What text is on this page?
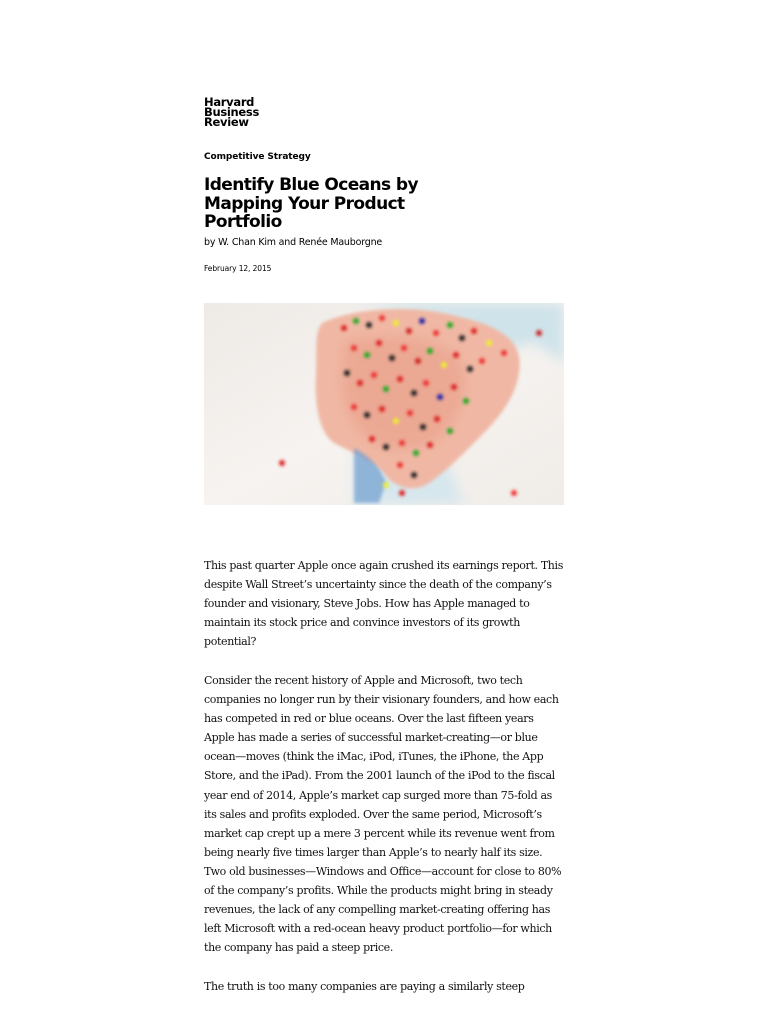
Harvard
Business
Review
Competitive Strategy
Identify Blue Oceans by Mapping Your Product Portfolio
by W. Chan Kim and Renée Mauborgne
February 12, 2015

This past quarter Apple once again crushed its earnings report. This despite Wall Street’s uncertainty since the death of the company’s founder and visionary, Steve Jobs. How has Apple managed to maintain its stock price and convince investors of its growth potential?

Consider the recent history of Apple and Microsoft, two tech companies no longer run by their visionary founders, and how each has competed in red or blue oceans. Over the last fifteen years Apple has made a series of successful market-creating—or blue ocean—moves (think the iMac, iPod, iTunes, the iPhone, the App Store, and the iPad). From the 2001 launch of the iPod to the fiscal year end of 2014, Apple’s market cap surged more than 75-fold as its sales and profits exploded. Over the same period, Microsoft’s market cap crept up a mere 3 percent while its revenue went from being nearly five times larger than Apple’s to nearly half its size. Two old businesses—Windows and Office—account for close to 80% of the company’s profits. While the products might bring in steady revenues, the lack of any compelling market-creating offering has left Microsoft with a red-ocean heavy product portfolio—for which the company has paid a steep price.

The truth is too many companies are paying a similarly steep
